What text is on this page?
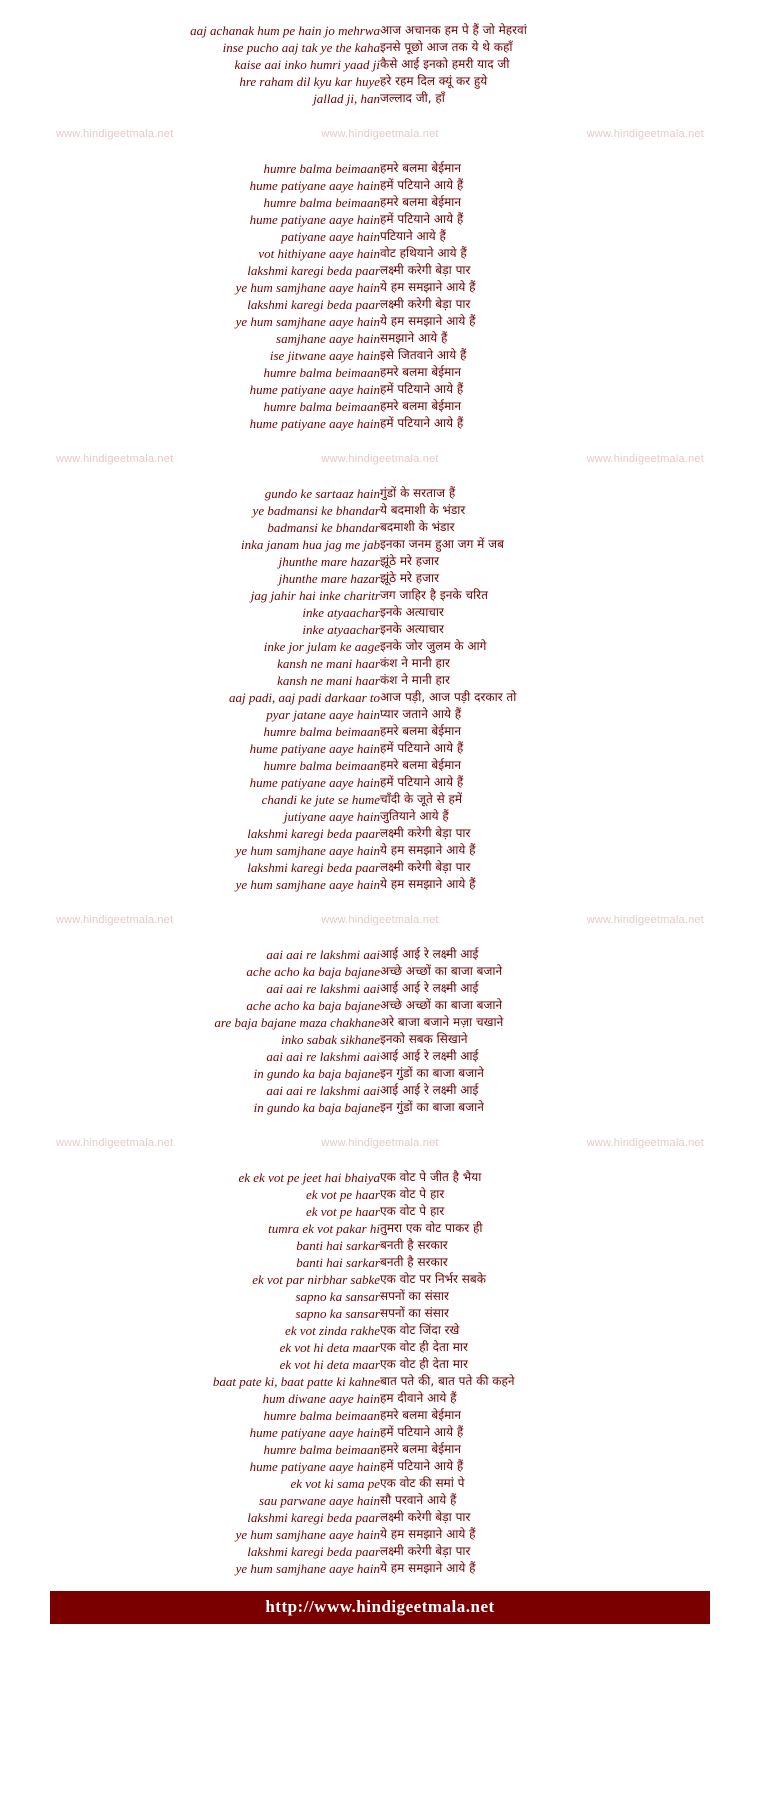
aaj achanak hum pe hain jo mehrwa	आज अचानक हम पे हैं जो मेहरवां
inse pucho aaj tak ye the kaha	इनसे पूछो आज तक ये थे कहाँ
kaise aai inko humri yaad ji	कैसे आई इनको हमरी याद जी
hre raham dil kyu kar huye	हरे रहम दिल क्यूं कर हुये
jallad ji, han	जल्लाद जी, हाँ

www.hindigeetmala.net www.hindigeetmala.net www.hindigeetmala.net	

humre balma beimaan	हमरे बलमा बेईमान
hume patiyane aaye hain	हमें पटियाने आये हैं
humre balma beimaan	हमरे बलमा बेईमान
hume patiyane aaye hain	हमें पटियाने आये हैं
patiyane aaye hain	पटियाने आये हैं
vot hithiyane aaye hain	वोट हथियाने आये हैं
lakshmi karegi beda paar	लक्ष्मी करेगी बेड़ा पार
ye hum samjhane aaye hain	ये हम समझाने आये हैं
lakshmi karegi beda paar	लक्ष्मी करेगी बेड़ा पार
ye hum samjhane aaye hain	ये हम समझाने आये हैं
samjhane aaye hain	समझाने आये हैं
ise jitwane aaye hain	इसे जितवाने आये हैं
humre balma beimaan	हमरे बलमा बेईमान
hume patiyane aaye hain	हमें पटियाने आये हैं
humre balma beimaan	हमरे बलमा बेईमान
hume patiyane aaye hain	हमें पटियाने आये हैं

www.hindigeetmala.net www.hindigeetmala.net www.hindigeetmala.net	

gundo ke sartaaz hain	गुंडों के सरताज हैं
ye badmansi ke bhandar	ये बदमाशी के भंडार
badmansi ke bhandar	बदमाशी के भंडार
inka janam hua jag me jab	इनका जनम हुआ जग में जब
jhunthe mare hazar	झूंठे मरे हजार
jhunthe mare hazar	झूंठे मरे हजार
jag jahir hai inke charitr	जग जाहिर है इनके चरित
inke atyaachar	इनके अत्याचार
inke atyaachar	इनके अत्याचार
inke jor julam ke aage	इनके जोर जुलम के आगे
kansh ne mani haar	कंश ने मानी हार
kansh ne mani haar	कंश ने मानी हार
aaj padi, aaj padi darkaar to	आज पड़ी, आज पड़ी दरकार तो
pyar jatane aaye hain	प्यार जताने आये हैं
humre balma beimaan	हमरे बलमा बेईमान
hume patiyane aaye hain	हमें पटियाने आये हैं
humre balma beimaan	हमरे बलमा बेईमान
hume patiyane aaye hain	हमें पटियाने आये हैं
chandi ke jute se hume	चाँदी के जूते से हमें
jutiyane aaye hain	जुतियाने आये हैं
lakshmi karegi beda paar	लक्ष्मी करेगी बेड़ा पार
ye hum samjhane aaye hain	ये हम समझाने आये हैं
lakshmi karegi beda paar	लक्ष्मी करेगी बेड़ा पार
ye hum samjhane aaye hain	ये हम समझाने आये हैं

www.hindigeetmala.net www.hindigeetmala.net www.hindigeetmala.net	

aai aai re lakshmi aai	आई आई रे लक्ष्मी आई
ache acho ka baja bajane	अच्छे अच्छों का बाजा बजाने
aai aai re lakshmi aai	आई आई रे लक्ष्मी आई
ache acho ka baja bajane	अच्छे अच्छों का बाजा बजाने
are baja bajane maza chakhane	अरे बाजा बजाने मज़ा चखाने
inko sabak sikhane	इनको सबक सिखाने
aai aai re lakshmi aai	आई आई रे लक्ष्मी आई
in gundo ka baja bajane	इन गुंडों का बाजा बजाने
aai aai re lakshmi aai	आई आई रे लक्ष्मी आई
in gundo ka baja bajane	इन गुंडों का बाजा बजाने

www.hindigeetmala.net www.hindigeetmala.net www.hindigeetmala.net	

ek ek vot pe jeet hai bhaiya	एक वोट पे जीत है भैया
ek vot pe haar	एक वोट पे हार
ek vot pe haar	एक वोट पे हार
tumra ek vot pakar hi	तुमरा एक वोट पाकर ही
banti hai sarkar	बनती है सरकार
banti hai sarkar	बनती है सरकार
ek vot par nirbhar sabke	एक वोट पर निर्भर सबके
sapno ka sansar	सपनों का संसार
sapno ka sansar	सपनों का संसार
ek vot zinda rakhe	एक वोट जिंदा रखे
ek vot hi deta maar	एक वोट ही देता मार
ek vot hi deta maar	एक वोट ही देता मार
baat pate ki, baat patte ki kahne	बात पते की, बात पते की कहने
hum diwane aaye hain	हम दीवाने आये हैं
humre balma beimaan	हमरे बलमा बेईमान
hume patiyane aaye hain	हमें पटियाने आये हैं
humre balma beimaan	हमरे बलमा बेईमान
hume patiyane aaye hain	हमें पटियाने आये हैं
ek vot ki sama pe	एक वोट की समां पे
sau parwane aaye hain	सौ परवाने आये हैं
lakshmi karegi beda paar	लक्ष्मी करेगी बेड़ा पार
ye hum samjhane aaye hain	ये हम समझाने आये हैं
lakshmi karegi beda paar	लक्ष्मी करेगी बेड़ा पार
ye hum samjhane aaye hain	ये हम समझाने आये हैं
http://www.hindigeetmala.net
